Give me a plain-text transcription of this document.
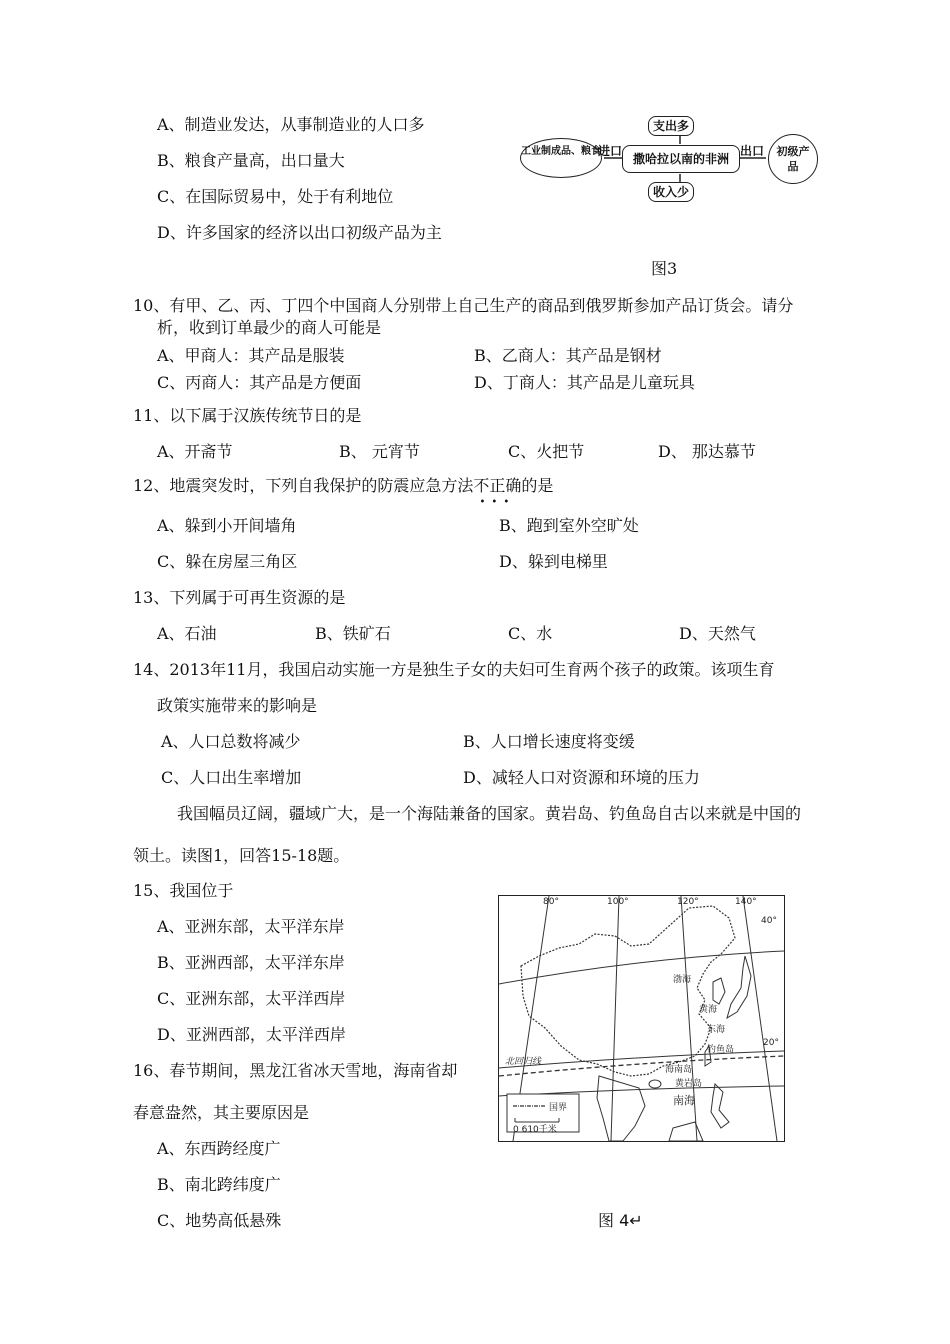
A、制造业发达，从事制造业的人口多
B、粮食产量高，出口量大
C、在国际贸易中，处于有利地位
D、许多国家的经济以出口初级产品为主
支出多
撒哈拉以南的非洲
收入少
工业制成品、粮食	初级产品
进口	出口
图3
10、有甲、乙、丙、丁四个中国商人分别带上自己生产的商品到俄罗斯参加产品订货会。请分
析，收到订单最少的商人可能是
A、甲商人：其产品是服装	B、乙商人：其产品是钢材
C、丙商人：其产品是方便面	D、丁商人：其产品是儿童玩具
11、以下属于汉族传统节日的是
A、开斋节	B、 元宵节	C、火把节	D、 那达慕节
12、地震突发时，下列自我保护的防震应急方法不正确
•••
的是
A、躲到小开间墙角	B、跑到室外空旷处
C、躲在房屋三角区	D、躲到电梯里
13、下列属于可再生资源的是
A、石油	B、铁矿石	C、水	D、天然气
14、2013年11月，我国启动实施一方是独生子女的夫妇可生育两个孩子的政策。该项生育
政策实施带来的影响是
A、人口总数将减少	B、人口增长速度将变缓
C、人口出生率增加	D、减轻人口对资源和环境的压力
我国幅员辽阔，疆域广大，是一个海陆兼备的国家。黄岩岛、钓鱼岛自古以来就是中国的
领土。读图1，回答15-18题。
15、我国位于
A、亚洲东部，太平洋东岸
B、亚洲西部，太平洋东岸
C、亚洲东部，太平洋西岸
D、亚洲西部，太平洋西岸
16、春节期间，黑龙江省冰天雪地，海南省却
春意盎然，其主要原因是
A、东西跨经度广
B、南北跨纬度广
C、地势高低悬殊
80°	100°	120°	140°
40°
20°
渤海
黄海
东海
钓鱼岛
海南岛
黄岩岛
南海
北回归线
国界
0 610千米
图 4↵
